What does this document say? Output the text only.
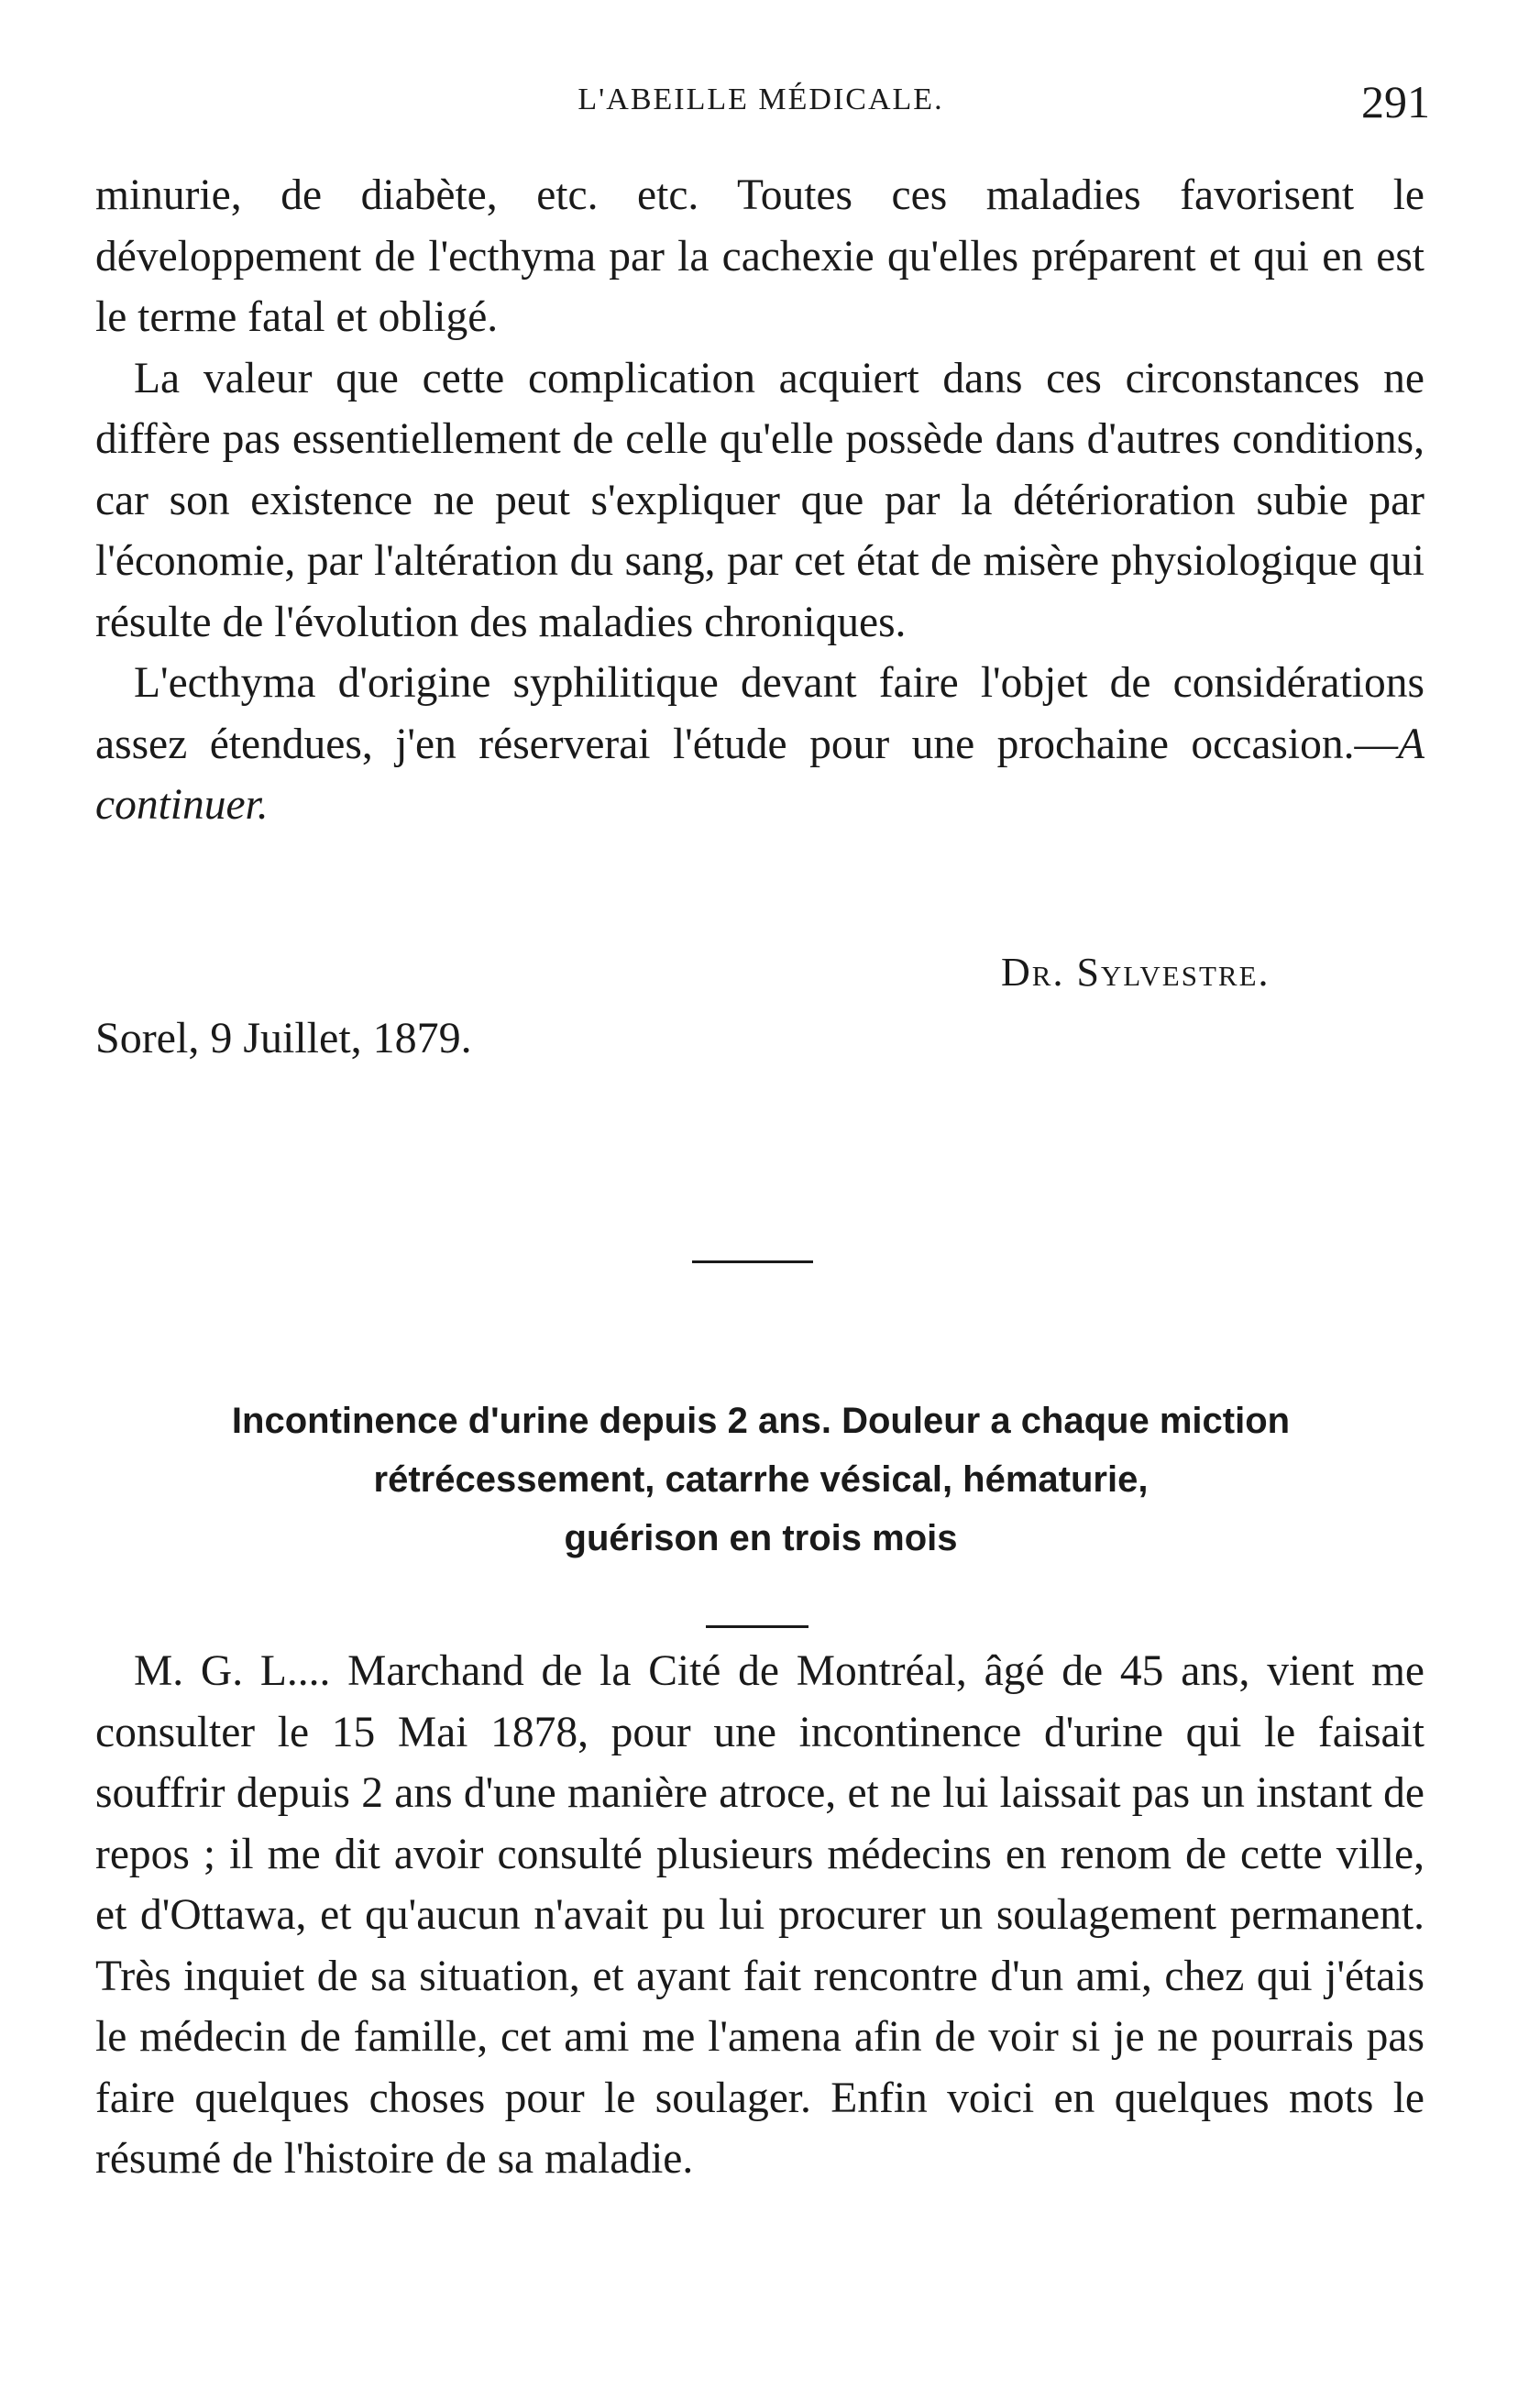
L'ABEILLE MÉDICALE.	291

minurie, de diabète, etc. etc. Toutes ces maladies favorisent le développement de l'ecthyma par la cachexie qu'elles préparent et qui en est le terme fatal et obligé.

La valeur que cette complication acquiert dans ces circonstances ne diffère pas essentiellement de celle qu'elle possède dans d'autres conditions, car son existence ne peut s'expliquer que par la détérioration subie par l'économie, par l'altération du sang, par cet état de misère physiologique qui résulte de l'évolution des maladies chroniques.

L'ecthyma d'origine syphilitique devant faire l'objet de considérations assez étendues, j'en réserverai l'étude pour une prochaine occasion.—A continuer.

Dr. Sylvestre.
Sorel, 9 Juillet, 1879.
Incontinence d'urine depuis 2 ans. Douleur a chaque miction
rétrécessement, catarrhe vésical, hématurie,
guérison en trois mois

M. G. L.... Marchand de la Cité de Montréal, âgé de 45 ans, vient me consulter le 15 Mai 1878, pour une incontinence d'urine qui le faisait souffrir depuis 2 ans d'une manière atroce, et ne lui laissait pas un instant de repos ; il me dit avoir consulté plusieurs médecins en renom de cette ville, et d'Ottawa, et qu'aucun n'avait pu lui procurer un soulagement permanent. Très inquiet de sa situation, et ayant fait rencontre d'un ami, chez qui j'étais le médecin de famille, cet ami me l'amena afin de voir si je ne pourrais pas faire quelques choses pour le soulager. Enfin voici en quelques mots le résumé de l'histoire de sa maladie.
